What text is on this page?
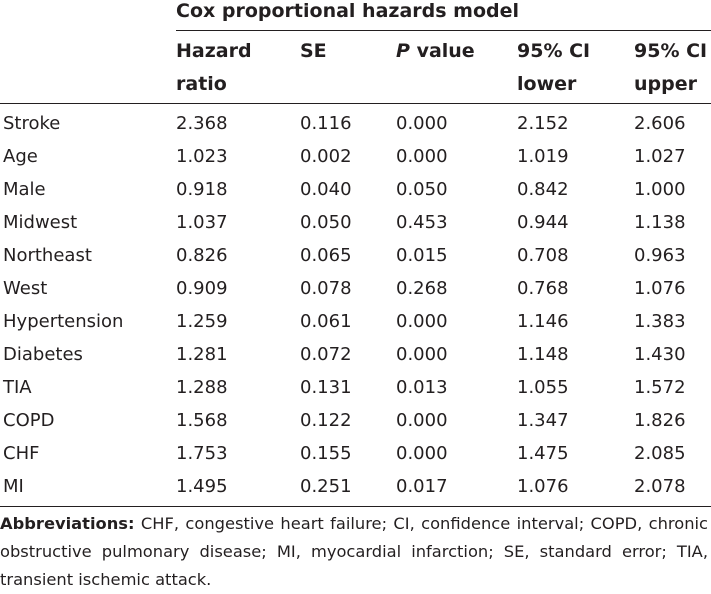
	Cox proportional hazards model				
	Hazard ratio	SE	P value	95% CI lower	95% CI upper
Stroke	2.368	0.116	0.000	2.152	2.606
Age	1.023	0.002	0.000	1.019	1.027
Male	0.918	0.040	0.050	0.842	1.000
Midwest	1.037	0.050	0.453	0.944	1.138
Northeast	0.826	0.065	0.015	0.708	0.963
West	0.909	0.078	0.268	0.768	1.076
Hypertension	1.259	0.061	0.000	1.146	1.383
Diabetes	1.281	0.072	0.000	1.148	1.430
TIA	1.288	0.131	0.013	1.055	1.572
COPD	1.568	0.122	0.000	1.347	1.826
CHF	1.753	0.155	0.000	1.475	2.085
MI	1.495	0.251	0.017	1.076	2.078
Abbreviations: CHF, congestive heart failure; CI, confidence interval; COPD, chronic obstructive pulmonary disease; MI, myocardial infarction; SE, standard error; TIA, transient ischemic attack.
